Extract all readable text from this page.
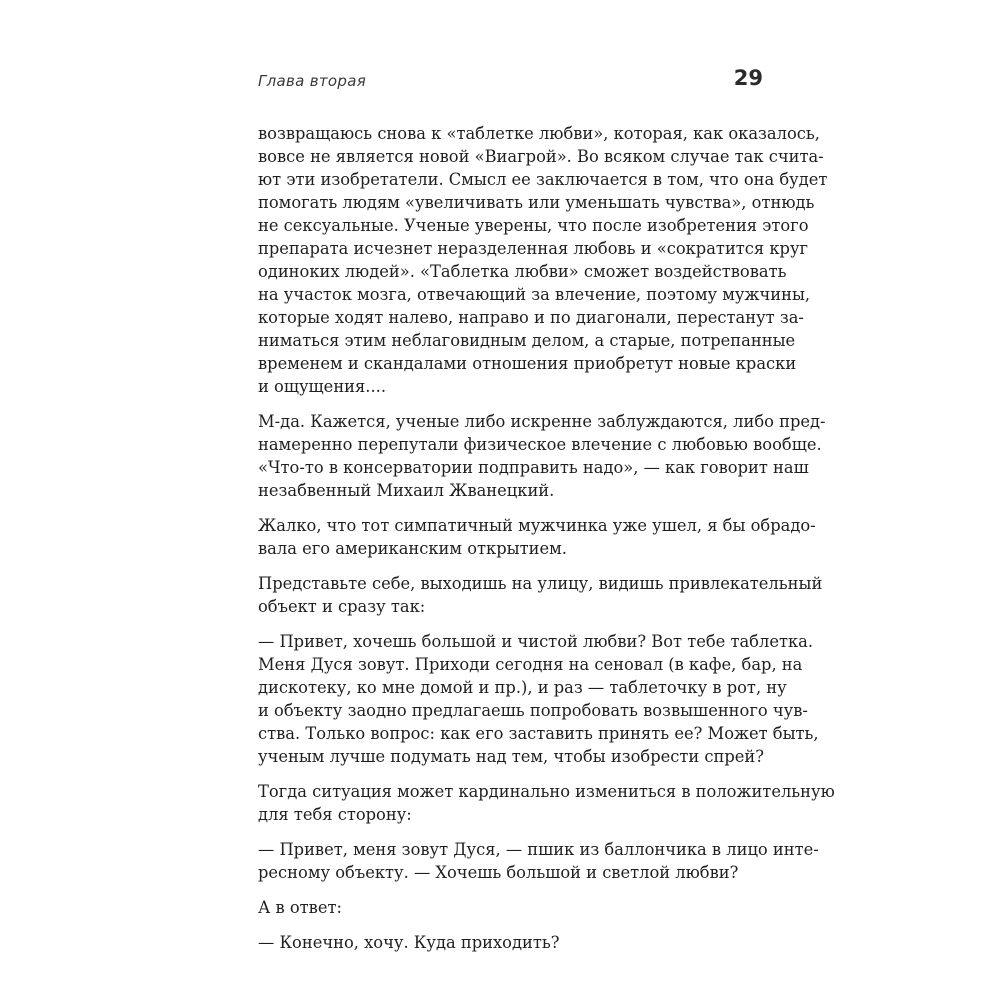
Глава вторая	29

возвращаюсь снова к «таблетке любви», которая, как оказалось,
вовсе не является новой «Виагрой». Во всяком случае так счита-
ют эти изобретатели. Смысл ее заключается в том, что она будет
помогать людям «увеличивать или уменьшать чувства», отнюдь
не сексуальные. Ученые уверены, что после изобретения этого
препарата исчезнет неразделенная любовь и «сократится круг
одиноких людей». «Таблетка любви» сможет воздействовать
на участок мозга, отвечающий за влечение, поэтому мужчины,
которые ходят налево, направо и по диагонали, перестанут за-
ниматься этим неблаговидным делом, а старые, потрепанные
временем и скандалами отношения приобретут новые краски
и ощущения....

М-да. Кажется, ученые либо искренне заблуждаются, либо пред-
намеренно перепутали физическое влечение с любовью вообще.
«Что-то в консерватории подправить надо», — как говорит наш
незабвенный Михаил Жванецкий.

Жалко, что тот симпатичный мужчинка уже ушел, я бы обрадо-
вала его американским открытием.

Представьте себе, выходишь на улицу, видишь привлекательный
объект и сразу так:

— Привет, хочешь большой и чистой любви? Вот тебе таблетка.
Меня Дуся зовут. Приходи сегодня на сеновал (в кафе, бар, на
дискотеку, ко мне домой и пр.), и раз — таблеточку в рот, ну
и объекту заодно предлагаешь попробовать возвышенного чув-
ства. Только вопрос: как его заставить принять ее? Может быть,
ученым лучше подумать над тем, чтобы изобрести спрей?

Тогда ситуация может кардинально измениться в положительную
для тебя сторону:

— Привет, меня зовут Дуся, — пшик из баллончика в лицо инте-
ресному объекту. — Хочешь большой и светлой любви?

А в ответ:

— Конечно, хочу. Куда приходить?
